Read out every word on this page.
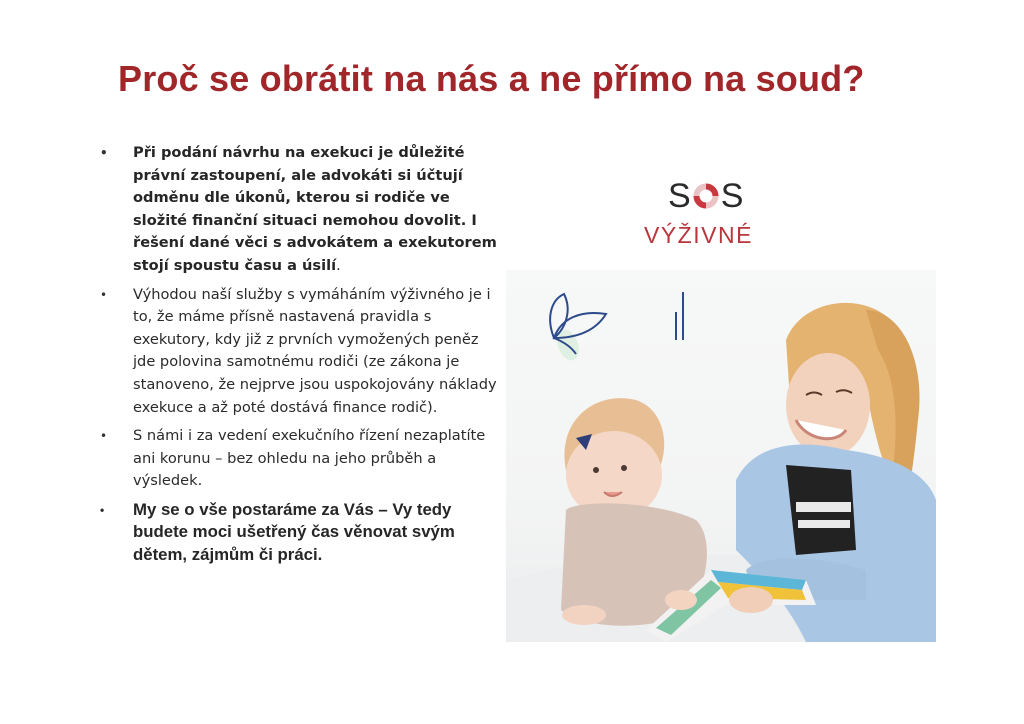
Proč se obrátit na nás a ne přímo na soud?
• Při podání návrhu na exekuci je důležité právní zastoupení, ale advokáti si účtují odměnu dle úkonů, kterou si rodiče ve složité finanční situaci nemohou dovolit. I řešení dané věci s advokátem a exekutorem stojí spoustu času a úsilí.
• Výhodou naší služby s vymáháním výživného je i to, že máme přísně nastavená pravidla s exekutory, kdy již z prvních vymožených peněz jde polovina samotnému rodiči (ze zákona je stanoveno, že nejprve jsou uspokojovány náklady exekuce a až poté dostává finance rodič).
• S námi i za vedení exekučního řízení nezaplatíte ani korunu – bez ohledu na jeho průběh a výsledek.
• My se o vše postaráme za Vás – Vy tedy budete moci ušetřený čas věnovat svým dětem, zájmům či práci.
S S
VÝŽIVNÉ
